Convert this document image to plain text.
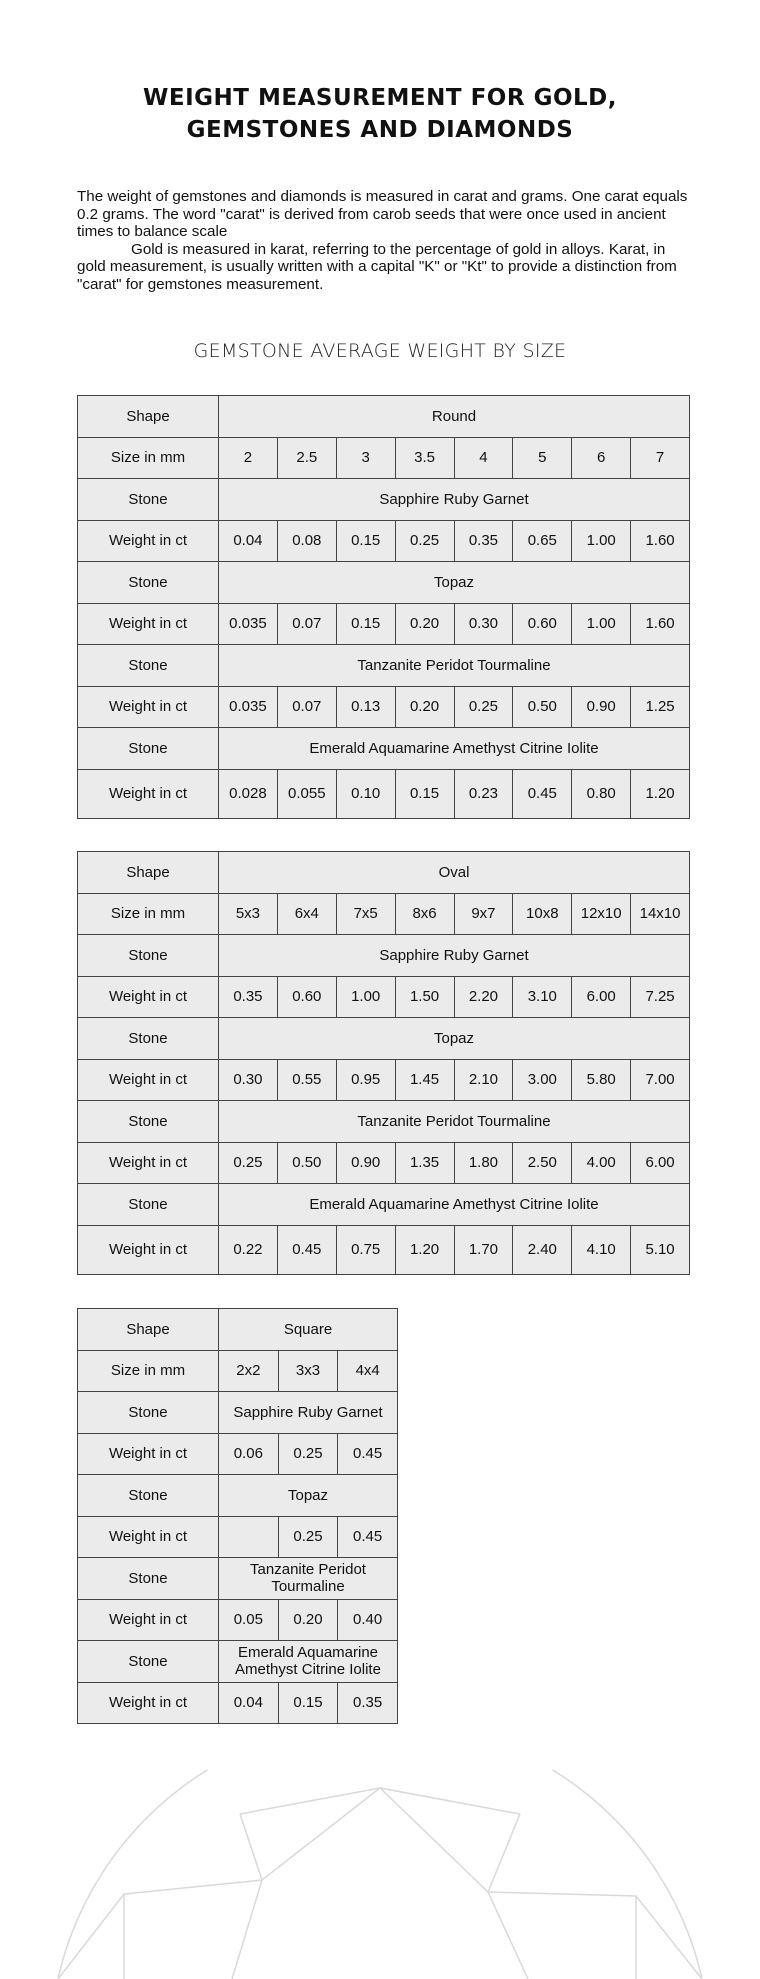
WEIGHT MEASUREMENT FOR GOLD,
GEMSTONES AND DIAMONDS

The weight of gemstones and diamonds is measured in carat and grams. One carat equals 0.2 grams. The word "carat" is derived from carob seeds that were once used in ancient times to balance scale

Gold is measured in karat, referring to the percentage of gold in alloys. Karat, in gold measurement, is usually written with a capital "K" or "Kt" to provide a distinction from "carat" for gemstones measurement.

GEMSTONE AVERAGE WEIGHT BY SIZE
Shape	Round							
Size in mm	2	2.5	3	3.5	4	5	6	7
Stone	Sapphire Ruby Garnet							
Weight in ct	0.04	0.08	0.15	0.25	0.35	0.65	1.00	1.60
Stone	Topaz							
Weight in ct	0.035	0.07	0.15	0.20	0.30	0.60	1.00	1.60
Stone	Tanzanite Peridot Tourmaline							
Weight in ct	0.035	0.07	0.13	0.20	0.25	0.50	0.90	1.25
Stone	Emerald Aquamarine Amethyst Citrine Iolite							
Weight in ct	0.028	0.055	0.10	0.15	0.23	0.45	0.80	1.20
Shape	Oval							
Size in mm	5x3	6x4	7x5	8x6	9x7	10x8	12x10	14x10
Stone	Sapphire Ruby Garnet							
Weight in ct	0.35	0.60	1.00	1.50	2.20	3.10	6.00	7.25
Stone	Topaz							
Weight in ct	0.30	0.55	0.95	1.45	2.10	3.00	5.80	7.00
Stone	Tanzanite Peridot Tourmaline							
Weight in ct	0.25	0.50	0.90	1.35	1.80	2.50	4.00	6.00
Stone	Emerald Aquamarine Amethyst Citrine Iolite							
Weight in ct	0.22	0.45	0.75	1.20	1.70	2.40	4.10	5.10
Shape	Square		
Size in mm	2x2	3x3	4x4
Stone	Sapphire Ruby Garnet		
Weight in ct	0.06	0.25	0.45
Stone	Topaz		
Weight in ct		0.25	0.45
Stone	Tanzanite Peridot Tourmaline		
Weight in ct	0.05	0.20	0.40
Stone	Emerald Aquamarine Amethyst Citrine Iolite		
Weight in ct	0.04	0.15	0.35
